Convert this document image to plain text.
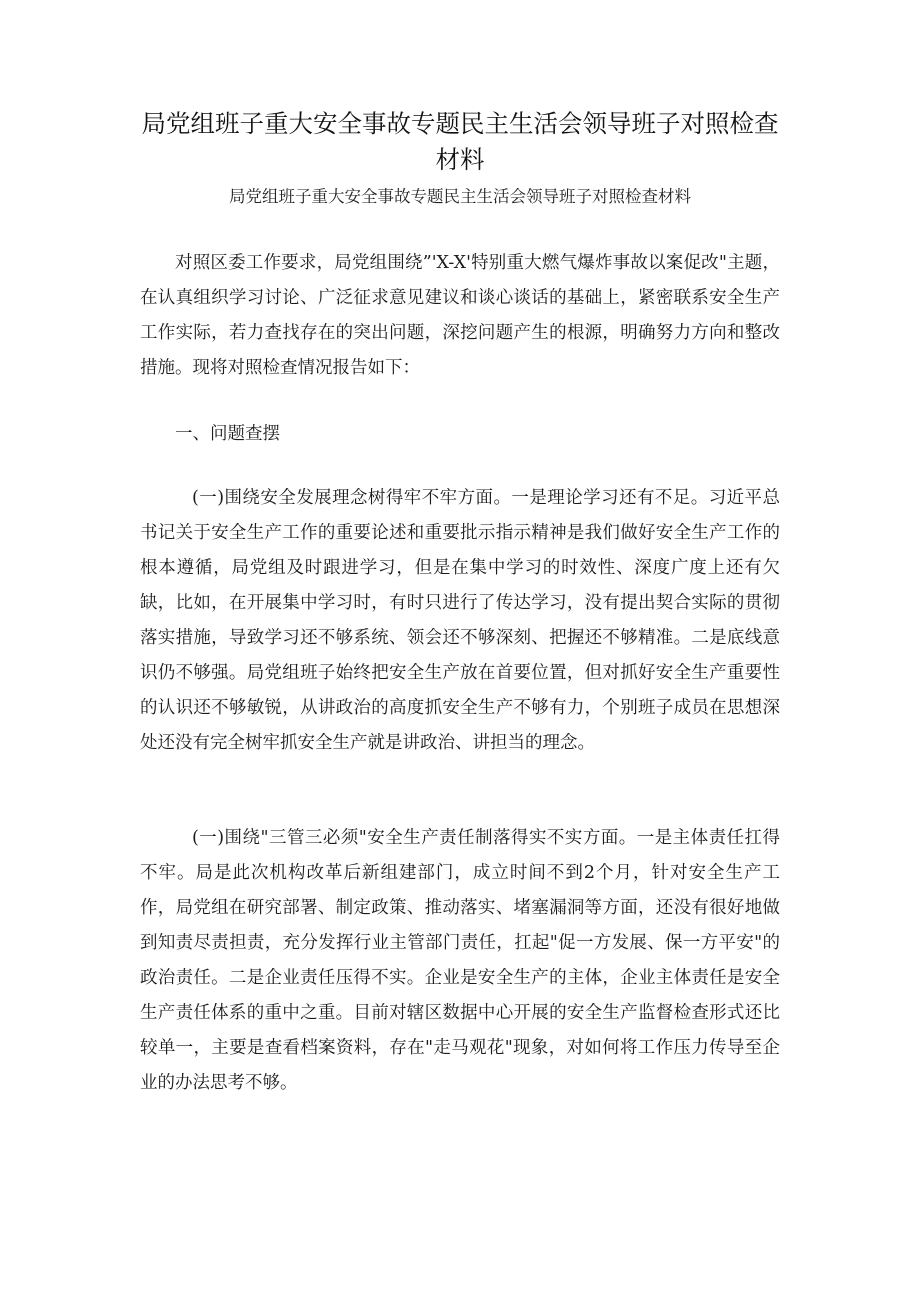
局党组班子重大安全事故专题民主生活会领导班子对照检查材料
局党组班子重大安全事故专题民主生活会领导班子对照检查材料

对照区委工作要求，局党组围绕”'X-X'特别重大燃气爆炸事故以案促改"主题，在认真组织学习讨论、广泛征求意见建议和谈心谈话的基础上，紧密联系安全生产工作实际，若力查找存在的突出问题，深挖问题产生的根源，明确努力方向和整改措施。现将对照检查情况报告如下：

一、问题查摆

(一)围绕安全发展理念树得牢不牢方面。一是理论学习还有不足。习近平总书记关于安全生产工作的重要论述和重要批示指示精神是我们做好安全生产工作的根本遵循，局党组及时跟进学习，但是在集中学习的时效性、深度广度上还有欠缺，比如，在开展集中学习时，有时只进行了传达学习，没有提出契合实际的贯彻落实措施，导致学习还不够系统、领会还不够深刻、把握还不够精准。二是底线意识仍不够强。局党组班子始终把安全生产放在首要位置，但对抓好安全生产重要性的认识还不够敏锐，从讲政治的高度抓安全生产不够有力，个别班子成员在思想深处还没有完全树牢抓安全生产就是讲政治、讲担当的理念。

(一)围绕"三管三必须"安全生产责任制落得实不实方面。一是主体责任扛得不牢。局是此次机构改革后新组建部门，成立时间不到2个月，针对安全生产工作，局党组在研究部署、制定政策、推动落实、堵塞漏洞等方面，还没有很好地做到知责尽责担责，充分发挥行业主管部门责任，扛起"促一方发展、保一方平安"的政治责任。二是企业责任压得不实。企业是安全生产的主体，企业主体责任是安全生产责任体系的重中之重。目前对辖区数据中心开展的安全生产监督检查形式还比较单一，主要是查看档案资料，存在"走马观花"现象，对如何将工作压力传导至企业的办法思考不够。
